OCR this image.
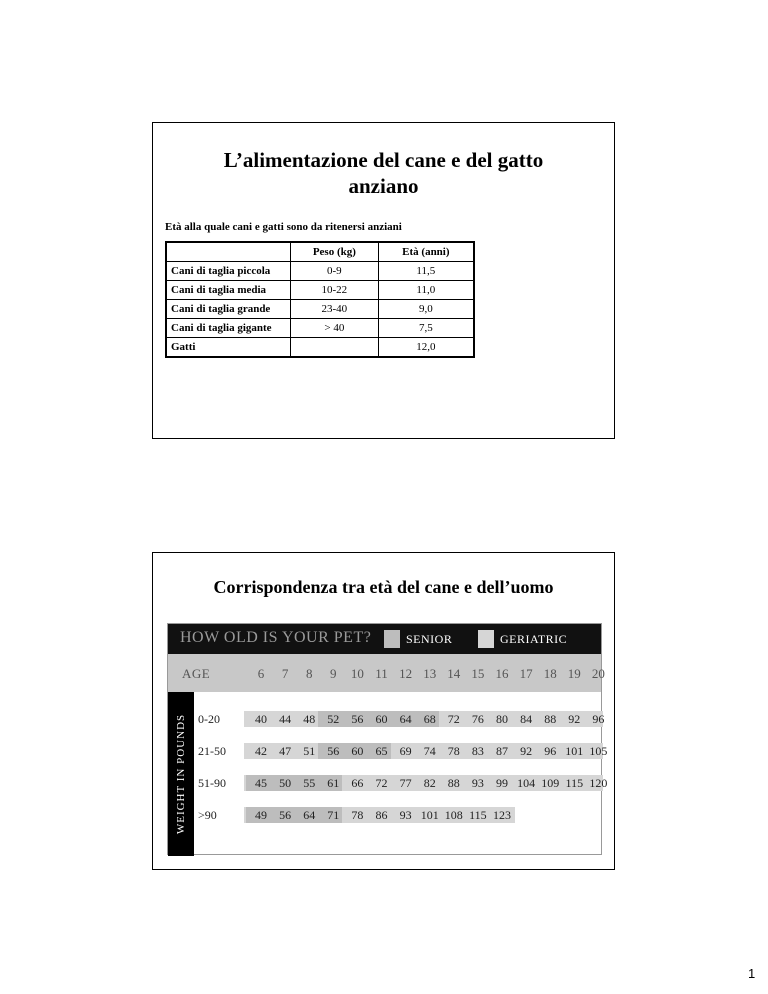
L’alimentazione del cane e del gatto
anziano
Età alla quale cani e gatti sono da ritenersi anziani
	Peso (kg)	Età (anni)
Cani di taglia piccola	0-9	11,5
Cani di taglia media	10-22	11,0
Cani di taglia grande	23-40	9,0
Cani di taglia gigante	> 40	7,5
Gatti		12,0
Corrispondenza tra età del cane e dell’uomo
HOW OLD IS YOUR PET?	SENIOR	GERIATRIC
AGE
WEIGHT IN POUNDS
6	7	8	9	10 11 12 13 14 15 16 17 18 19 20
0-20	40	44	48	52	56	60	64	68	72	76	80	84	88	92	96
21-50	42	47	51	56	60	65	69	74	78	83	87	92	96 101 105
51-90	45	50	55	61	66	72	77	82	88	93	99 104 109 115 120
>90	49	56	64	71	78	86	93 101 108 115 123
1
